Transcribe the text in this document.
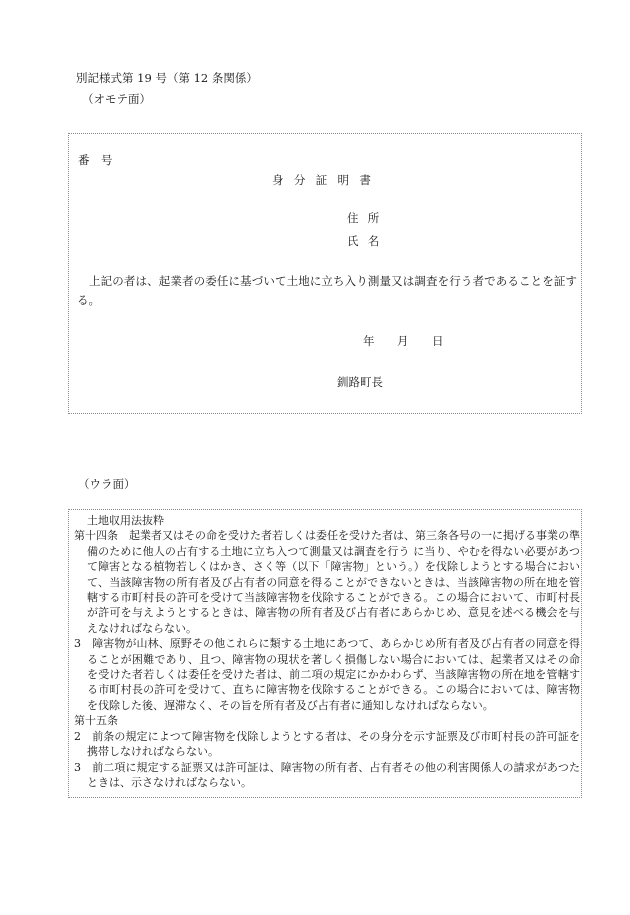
別記様式第 19 号（第 12 条関係）
（オモテ面）
番　号
身分証明書
住所
氏名
上記の者は、起業者の委任に基づいて土地に立ち入り測量又は調査を行う者であることを証する。
年 月 日
釧路町長
（ウラ面）
土地収用法抜粋
第十四条　 起業者又はその命を受けた者若しくは委任を受けた者は、第三条各号の一に掲げる事業の準備のために他人の占有する土地に立ち入つて測量又は調査を行う に当り、やむを得ない必要があつて障害となる植物若しくはかき、さく等（以下「障害物」という。）を伐除しようとする場合において、当該障害物の所有者及び占有者の同意を得ることができないときは、当該障害物の所在地を管轄する市町村長の許可を受けて当該障害物を伐除することができる。この場合において、市町村長が許可を与えようとするときは、障害物の所有者及び占有者にあらかじめ、意見を述べる機会を与えなければならない。
3　 障害物が山林、原野その他これらに類する土地にあつて、あらかじめ所有者及び占有者の同意を得ることが困難であり、且つ、障害物の現状を著しく損傷しない場合においては、起業者又はその命を受けた者若しくは委任を受けた者は、前二項の規定にかかわらず、当該障害物の所在地を管轄する市町村長の許可を受けて、直ちに障害物を伐除することができる。この場合においては、障害物を伐除した後、遅滞なく、その旨を所有者及び占有者に通知しなければならない。
第十五条
2　 前条の規定によつて障害物を伐除しようとする者は、その身分を示す証票及び市町村長の許可証を携帯しなければならない。
3　 前二項に規定する証票又は許可証は、障害物の所有者、占有者その他の利害関係人の請求があつたときは、示さなければならない。
